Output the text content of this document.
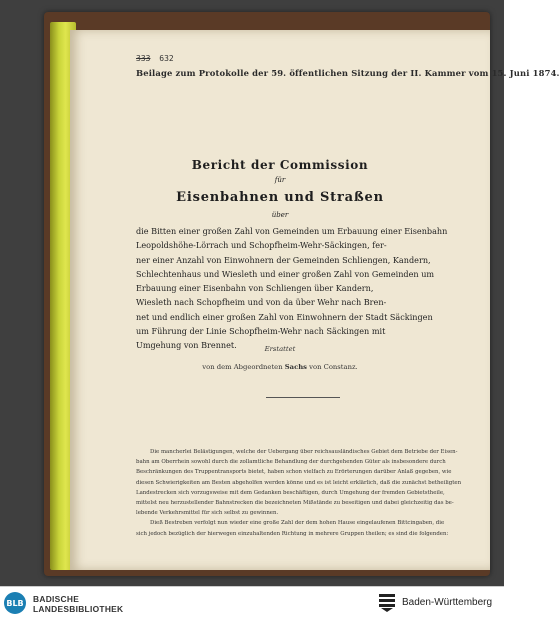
333 632
Beilage zum Protokolle der 59. öffentlichen Sitzung der II. Kammer vom 15. Juni 1874.
Bericht der Commission
für
Eisenbahnen und Straßen
über
die Bitten einer großen Zahl von Gemeinden um Erbauung einer Eisenbahn
Leopoldshöhe-Lörrach und Schopfheim-Wehr-Säckingen, fer-
ner einer Anzahl von Einwohnern der Gemeinden Schliengen, Kandern,
Schlechtenhaus und Wiesleth und einer großen Zahl von Gemeinden um
Erbauung einer Eisenbahn von Schliengen über Kandern,
Wiesleth nach Schopfheim und von da über Wehr nach Bren-
net und endlich einer großen Zahl von Einwohnern der Stadt Säckingen
um Führung der Linie Schopfheim-Wehr nach Säckingen mit
Umgehung von Brennet.	Erstattet
von dem Abgeordneten Sachs von Constanz.
Die mancherlei Belästigungen, welche der Uebergang über reichsausländisches Gebiet dem Betriebe der Eisen-
bahn am Oberrhein sowohl durch die zollamtliche Behandlung der durchgehenden Güter als insbesondere durch
Beschränkungen des Truppentransports bietet, haben schon vielfach zu Erörterungen darüber Anlaß gegeben, wie
diesen Schwierigkeiten am Besten abgeholfen werden könne und es ist leicht erklärlich, daß die zunächst betheiligten
Landestrecken sich vorzugsweise mit dem Gedanken beschäftigen, durch Umgehung der fremden Gebietstheile,
mittelst neu herzustellender Bahnstrecken die bezeichneten Mißstände zu beseitigen und dabei gleichzeitig das be-
lebende Verkehrsmittel für sich selbst zu gewinnen.
Dieß Bestreben verfolgt nun wieder eine große Zahl der dem hohen Hause eingelaufenen Bittcingaben, die
sich jedoch bezüglich der hierwegen einzuhaltenden Richtung in mehrere Gruppen theilen; es sind die folgenden:
BLB BADISCHE
LANDESBIBLIOTHEK
Baden-Württemberg
